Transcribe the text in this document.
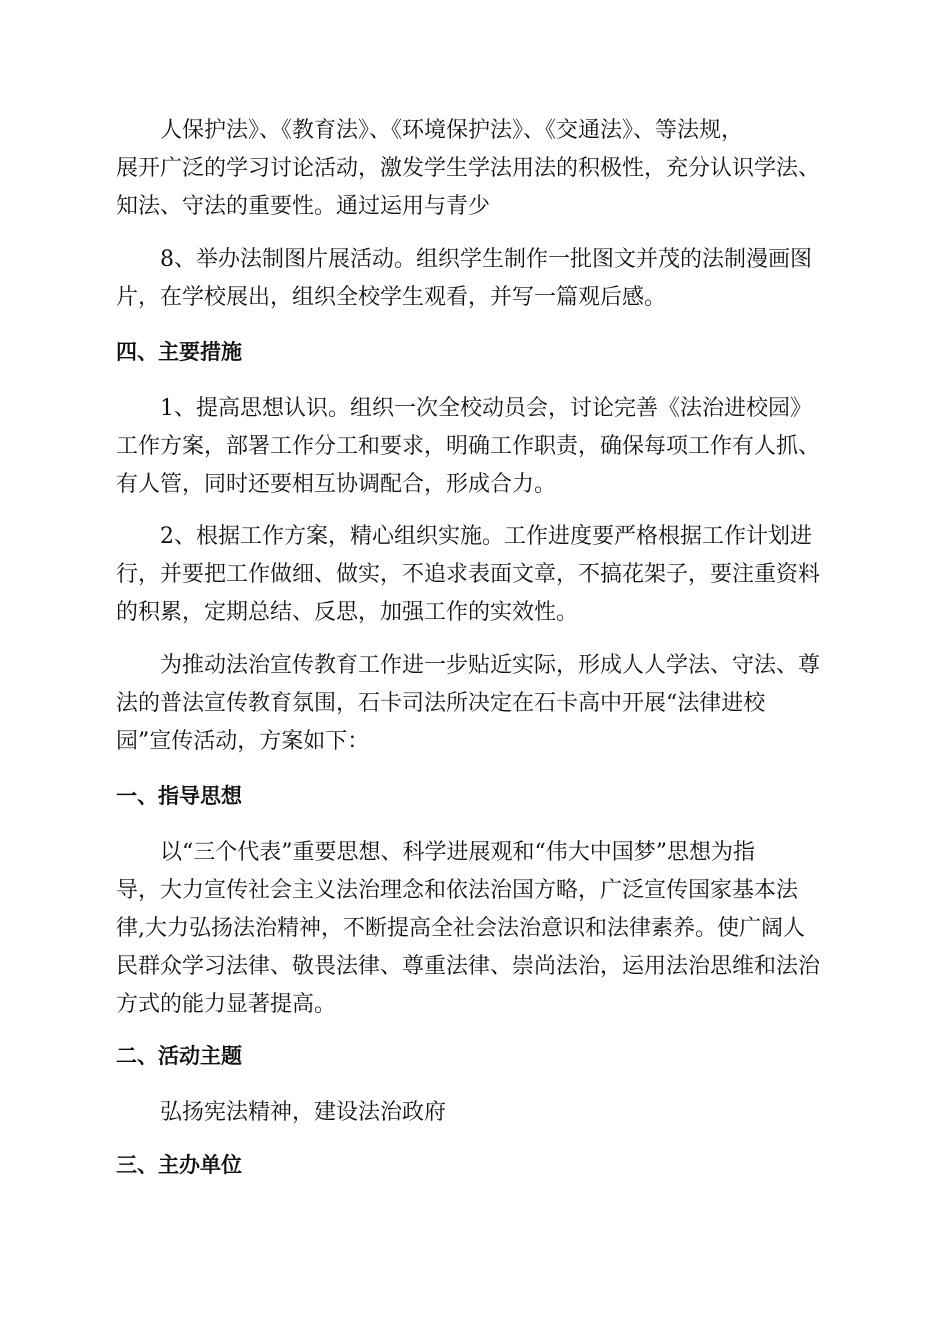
　　人保护法》、《教育法》、《环境保护法》、《交通法》、等法规，
展开广泛的学习讨论活动，激发学生学法用法的积极性，充分认识学法、
知法、守法的重要性。通过运用与青少

　　8、举办法制图片展活动。组织学生制作一批图文并茂的法制漫画图
片，在学校展出，组织全校学生观看，并写一篇观后感。

四、主要措施

　　1、提高思想认识。组织一次全校动员会，讨论完善《法治进校园》
工作方案，部署工作分工和要求，明确工作职责，确保每项工作有人抓、
有人管，同时还要相互协调配合，形成合力。

　　2、根据工作方案，精心组织实施。工作进度要严格根据工作计划进
行，并要把工作做细、做实，不追求表面文章，不搞花架子，要注重资料
的积累，定期总结、反思，加强工作的实效性。

　　为推动法治宣传教育工作进一步贴近实际，形成人人学法、守法、尊
法的普法宣传教育氛围，石卡司法所决定在石卡高中开展“法律进校
园”宣传活动，方案如下：

一、指导思想

　　以“三个代表”重要思想、科学进展观和“伟大中国梦”思想为指
导，大力宣传社会主义法治理念和依法治国方略，广泛宣传国家基本法
律,大力弘扬法治精神，不断提高全社会法治意识和法律素养。使广阔人
民群众学习法律、敬畏法律、尊重法律、崇尚法治，运用法治思维和法治
方式的能力显著提高。

二、活动主题

　　弘扬宪法精神，建设法治政府

三、主办单位
